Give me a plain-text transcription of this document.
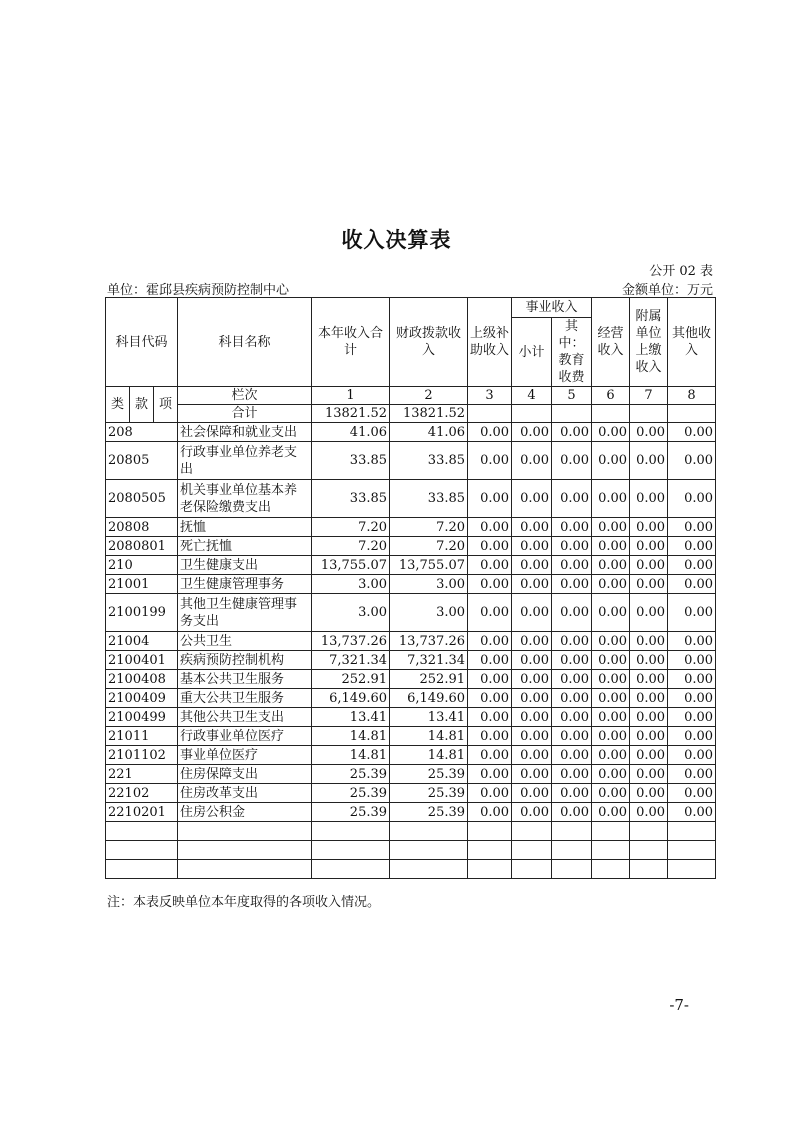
收入决算表
公开 02 表
单位：霍邱县疾病预防控制中心	金额单位：万元
科目代码			科目名称	本年收入合计	财政拨款收入	上级补助收入	事业收入		经营收入	附属单位上缴收入	其他收入
							小计	其中：教育收费			

类	款	项	栏次	1	2	3	4	5	6	7	8
			合计	13821.52	13821.52						
208			社会保障和就业支出	41.06	41.06	0.00	0.00	0.00	0.00	0.00	0.00
20805			行政事业单位养老支出	33.85	33.85	0.00	0.00	0.00	0.00	0.00	0.00
2080505			机关事业单位基本养老保险缴费支出	33.85	33.85	0.00	0.00	0.00	0.00	0.00	0.00
20808			抚恤	7.20	7.20	0.00	0.00	0.00	0.00	0.00	0.00
2080801			死亡抚恤	7.20	7.20	0.00	0.00	0.00	0.00	0.00	0.00
210			卫生健康支出	13,755.07	13,755.07	0.00	0.00	0.00	0.00	0.00	0.00
21001			卫生健康管理事务	3.00	3.00	0.00	0.00	0.00	0.00	0.00	0.00
2100199			其他卫生健康管理事务支出	3.00	3.00	0.00	0.00	0.00	0.00	0.00	0.00
21004			公共卫生	13,737.26	13,737.26	0.00	0.00	0.00	0.00	0.00	0.00
2100401			疾病预防控制机构	7,321.34	7,321.34	0.00	0.00	0.00	0.00	0.00	0.00
2100408			基本公共卫生服务	252.91	252.91	0.00	0.00	0.00	0.00	0.00	0.00
2100409			重大公共卫生服务	6,149.60	6,149.60	0.00	0.00	0.00	0.00	0.00	0.00
2100499			其他公共卫生支出	13.41	13.41	0.00	0.00	0.00	0.00	0.00	0.00
21011			行政事业单位医疗	14.81	14.81	0.00	0.00	0.00	0.00	0.00	0.00
2101102			事业单位医疗	14.81	14.81	0.00	0.00	0.00	0.00	0.00	0.00
221			住房保障支出	25.39	25.39	0.00	0.00	0.00	0.00	0.00	0.00
22102			住房改革支出	25.39	25.39	0.00	0.00	0.00	0.00	0.00	0.00
2210201			住房公积金	25.39	25.39	0.00	0.00	0.00	0.00	0.00	0.00

注：本表反映单位本年度取得的各项收入情况。
-7-
